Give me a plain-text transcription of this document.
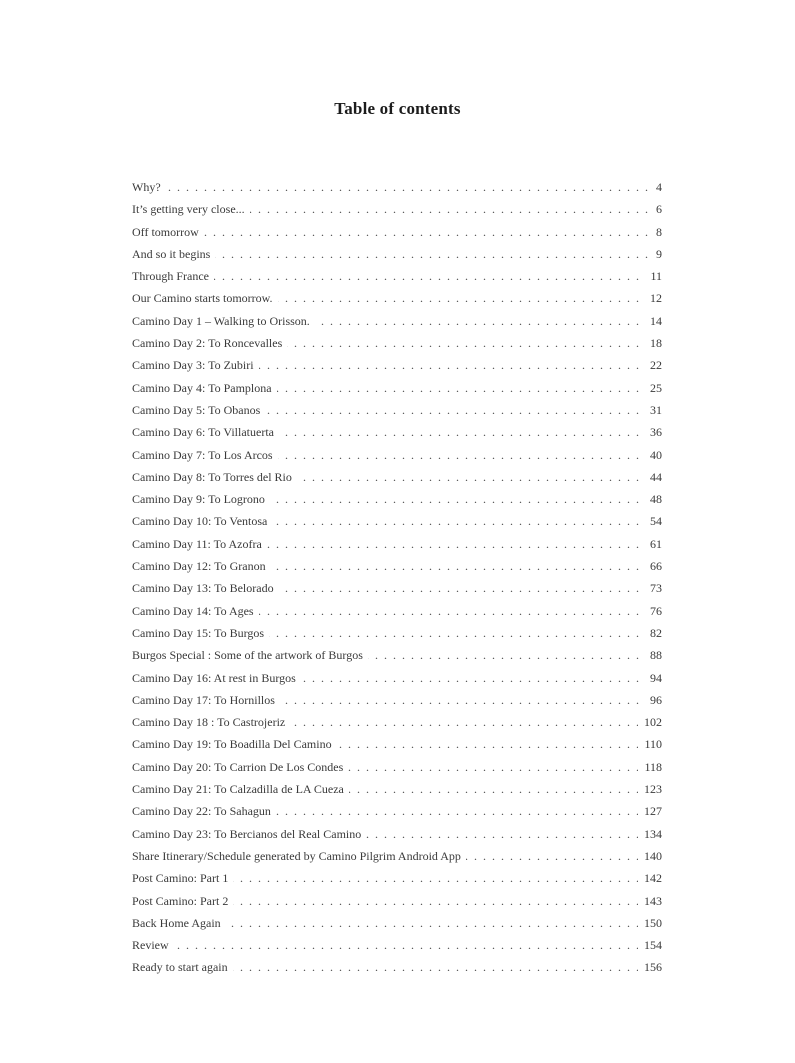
Table of contents
. . .
Why?	4
. . .
It’s getting very close...	6
. . .
Off tomorrow	8
. . .
And so it begins	9
. . .
Through France	11
. . .
Our Camino starts tomorrow.	12
. . .
Camino Day 1 – Walking to Orisson.	14
. . .
Camino Day 2: To Roncevalles	18
. . .
Camino Day 3: To Zubiri	22
. . .
Camino Day 4: To Pamplona	25
. . .
Camino Day 5: To Obanos	31
. . .
Camino Day 6: To Villatuerta	36
. . .
Camino Day 7: To Los Arcos	40
. . .
Camino Day 8: To Torres del Rio	44
. . .
Camino Day 9: To Logrono	48
. . .
Camino Day 10: To Ventosa	54
. . .
Camino Day 11: To Azofra	61
. . .
Camino Day 12: To Granon	66
. . .
Camino Day 13: To Belorado	73
. . .
Camino Day 14: To Ages	76
. . .
Camino Day 15: To Burgos	82
. . .
Burgos Special : Some of the artwork of Burgos	88
. . .
Camino Day 16: At rest in Burgos	94
. . .
Camino Day 17: To Hornillos	96
. . .
Camino Day 18 : To Castrojeriz	102
. . .
Camino Day 19: To Boadilla Del Camino	110
. . .
Camino Day 20: To Carrion De Los Condes	118
. . .
Camino Day 21: To Calzadilla de LA Cueza	123
. . .
Camino Day 22: To Sahagun	127
. . .
Camino Day 23: To Bercianos del Real Camino	134
. . .
Share Itinerary/Schedule generated by Camino Pilgrim Android App	140
. . .
Post Camino: Part 1	142
. . .
Post Camino: Part 2	143
. . .
Back Home Again	150
. . .
Review	154
. . .
Ready to start again	156
